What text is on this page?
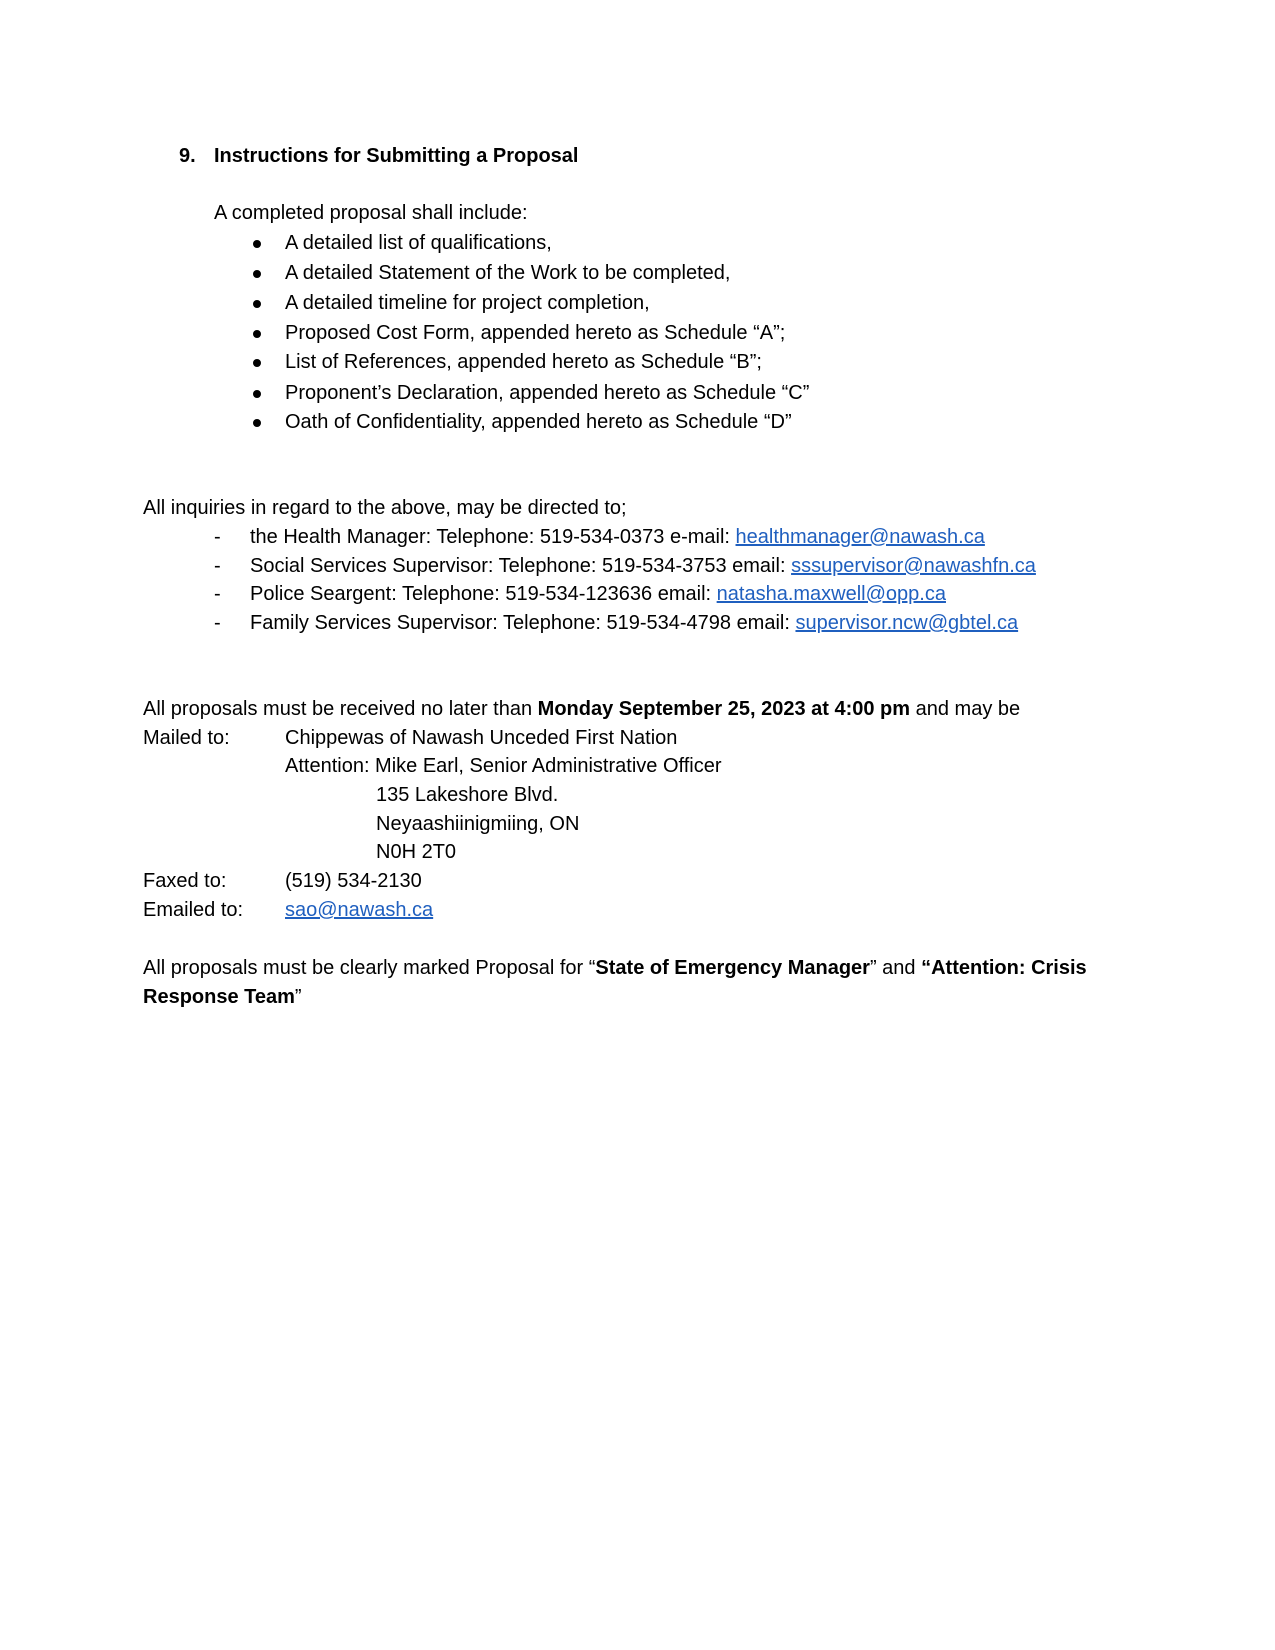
9. Instructions for Submitting a Proposal
A completed proposal shall include:
A detailed list of qualifications,
A detailed Statement of the Work to be completed,
A detailed timeline for project completion,
Proposed Cost Form, appended hereto as Schedule “A”;
List of References, appended hereto as Schedule “B”;
Proponent’s Declaration, appended hereto as Schedule “C”
Oath of Confidentiality, appended hereto as Schedule “D”
All inquiries in regard to the above, may be directed to;
- the Health Manager: Telephone: 519-534-0373 e-mail: healthmanager@nawash.ca
- Social Services Supervisor: Telephone: 519-534-3753 email: sssupervisor@nawashfn.ca
- Police Seargent: Telephone: 519-534-123636 email: natasha.maxwell@opp.ca
- Family Services Supervisor: Telephone: 519-534-4798 email: supervisor.ncw@gbtel.ca
All proposals must be received no later than Monday September 25, 2023 at 4:00 pm and may be
Mailed to:	Chippewas of Nawash Unceded First Nation
Attention: Mike Earl, Senior Administrative Officer
135 Lakeshore Blvd.
Neyaashiinigmiing, ON
N0H 2T0
Faxed to:	(519) 534-2130
Emailed to: sao@nawash.ca
All proposals must be clearly marked Proposal for “State of Emergency Manager” and “Attention: Crisis
Response Team”
